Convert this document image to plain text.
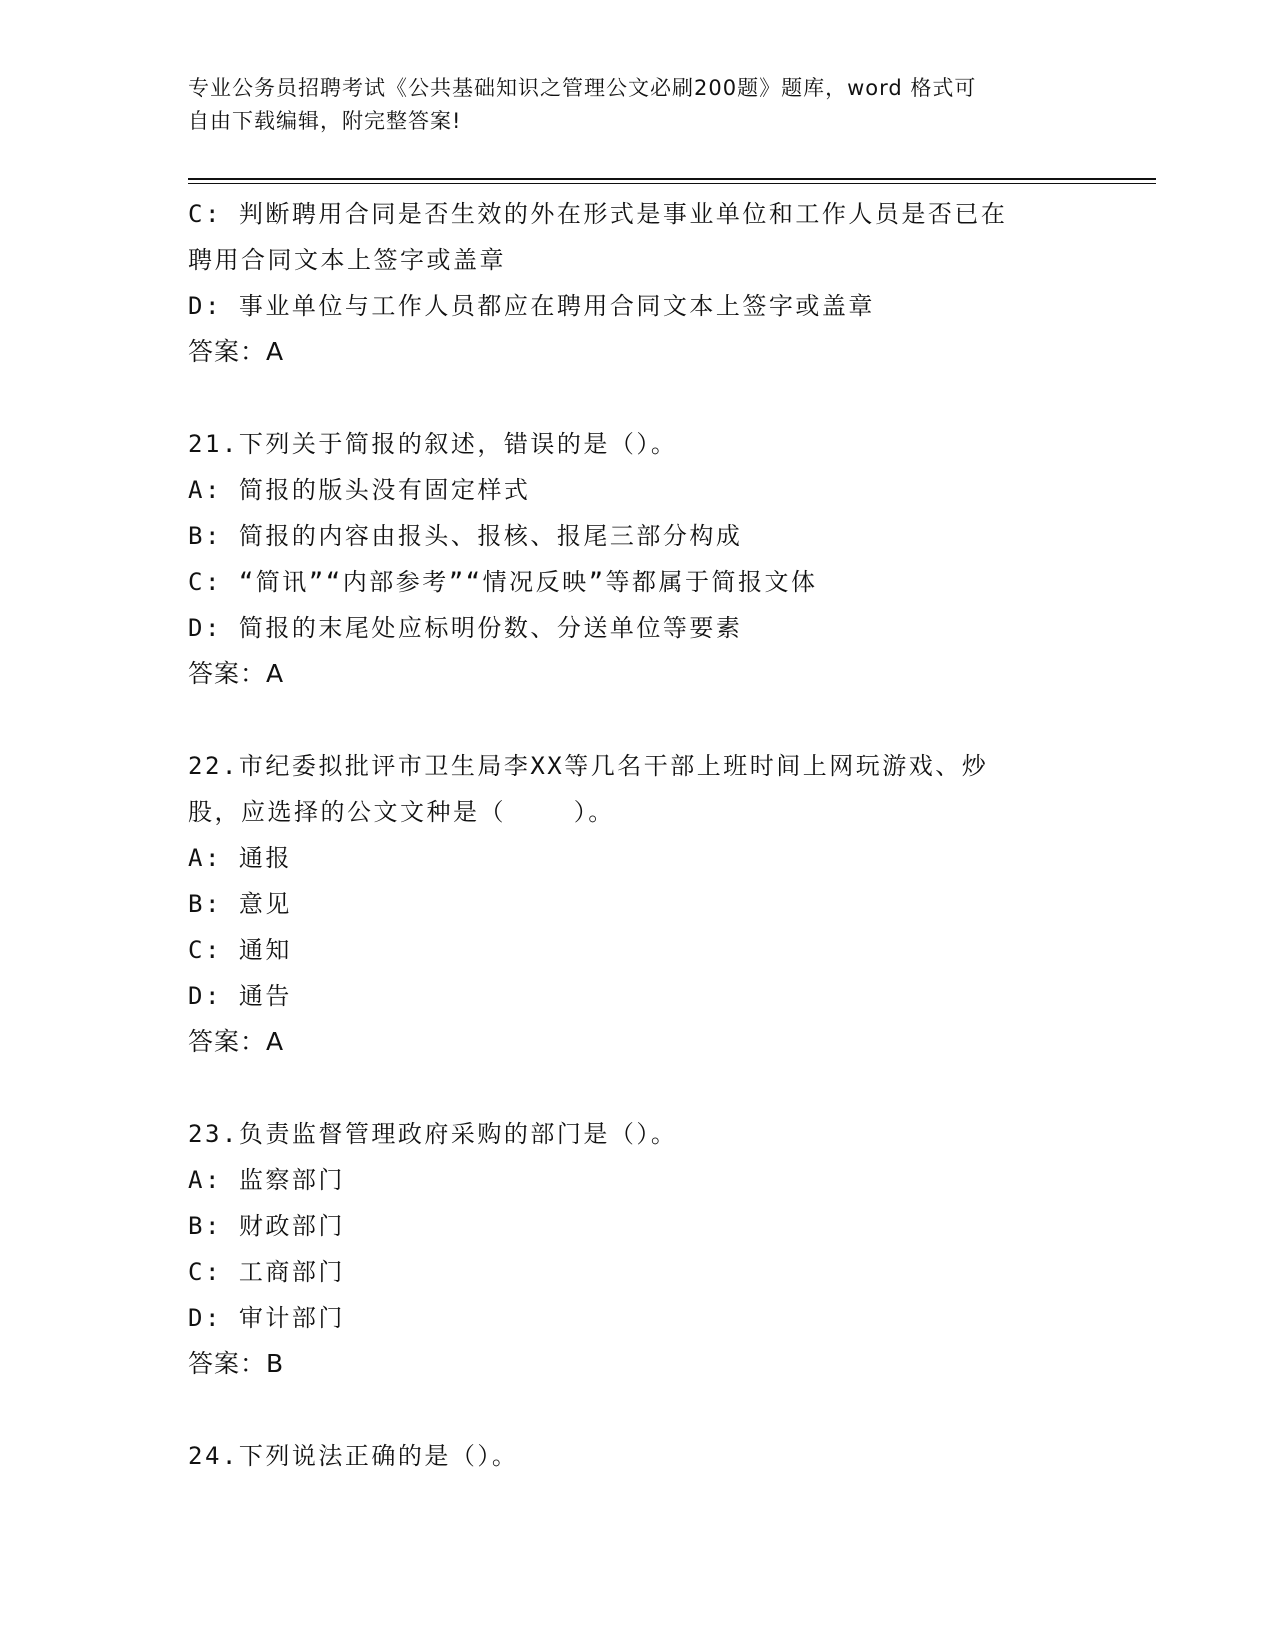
专业公务员招聘考试《公共基础知识之管理公文必刷200题》题库，word 格式可
自由下载编辑，附完整答案!
C: 判断聘用合同是否生效的外在形式是事业单位和工作人员是否已在
聘用合同文本上签字或盖章
D: 事业单位与工作人员都应在聘用合同文本上签字或盖章
答案：A
21.下列关于简报的叙述，错误的是（）。
A: 简报的版头没有固定样式
B: 简报的内容由报头、报核、报尾三部分构成
C: “简讯”“内部参考”“情况反映”等都属于简报文体
D: 简报的末尾处应标明份数、分送单位等要素
答案：A
22.市纪委拟批评市卫生局李XX等几名干部上班时间上网玩游戏、炒
股，应选择的公文文种是（    ）。
A: 通报
B: 意见
C: 通知
D: 通告
答案：A
23.负责监督管理政府采购的部门是（）。
A: 监察部门
B: 财政部门
C: 工商部门
D: 审计部门
答案：B
24.下列说法正确的是（）。
